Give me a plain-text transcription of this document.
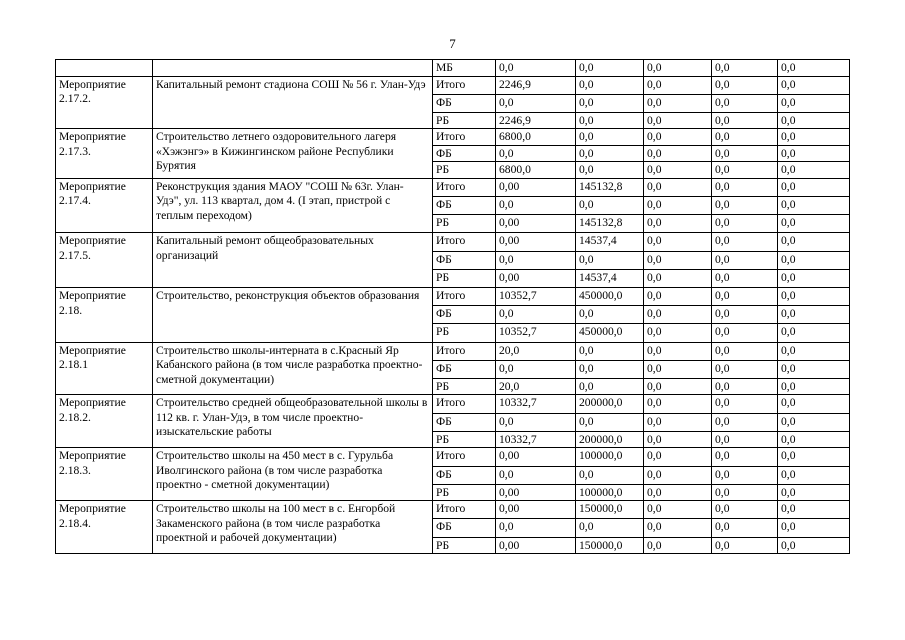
7
		МБ	0,0	0,0	0,0	0,0	0,0
Мероприятие 2.17.2.	Капитальный ремонт стадиона СОШ № 56 г. Улан-Удэ	Итого	2246,9	0,0	0,0	0,0	0,0
		ФБ	0,0	0,0	0,0	0,0	0,0
		РБ	2246,9	0,0	0,0	0,0	0,0
Мероприятие 2.17.3.	Строительство летнего оздоровительного лагеря «Хэжэнгэ» в Кижингинском районе Республики Бурятия	Итого	6800,0	0,0	0,0	0,0	0,0
		ФБ	0,0	0,0	0,0	0,0	0,0
		РБ	6800,0	0,0	0,0	0,0	0,0
Мероприятие 2.17.4.	Реконструкция здания МАОУ "СОШ № 63г. Улан-Удэ", ул. 113 квартал, дом 4. (I этап, пристрой с теплым переходом)	Итого	0,00	145132,8	0,0	0,0	0,0
		ФБ	0,0	0,0	0,0	0,0	0,0
		РБ	0,00	145132,8	0,0	0,0	0,0
Мероприятие 2.17.5.	Капитальный ремонт общеобразовательных организаций	Итого	0,00	14537,4	0,0	0,0	0,0
		ФБ	0,0	0,0	0,0	0,0	0,0
		РБ	0,00	14537,4	0,0	0,0	0,0
Мероприятие 2.18.	Строительство, реконструкция объектов образования	Итого	10352,7	450000,0	0,0	0,0	0,0
		ФБ	0,0	0,0	0,0	0,0	0,0
		РБ	10352,7	450000,0	0,0	0,0	0,0
Мероприятие 2.18.1	Строительство школы-интерната в с.Красный Яр Кабанского района (в том числе разработка проектно-сметной документации)	Итого	20,0	0,0	0,0	0,0	0,0
		ФБ	0,0	0,0	0,0	0,0	0,0
		РБ	20,0	0,0	0,0	0,0	0,0
Мероприятие 2.18.2.	Строительство средней общеобразовательной школы в 112 кв. г. Улан-Удэ, в том числе проектно-изыскательские работы	Итого	10332,7	200000,0	0,0	0,0	0,0
		ФБ	0,0	0,0	0,0	0,0	0,0
		РБ	10332,7	200000,0	0,0	0,0	0,0
Мероприятие 2.18.3.	Строительство школы на 450 мест в с. Гурульба Иволгинского района (в том числе разработка проектно - сметной документации)	Итого	0,00	100000,0	0,0	0,0	0,0
		ФБ	0,0	0,0	0,0	0,0	0,0
		РБ	0,00	100000,0	0,0	0,0	0,0
Мероприятие 2.18.4.	Строительство школы на 100 мест в с. Енгорбой Закаменского района (в том числе разработка проектной и рабочей документации)	Итого	0,00	150000,0	0,0	0,0	0,0
		ФБ	0,0	0,0	0,0	0,0	0,0
		РБ	0,00	150000,0	0,0	0,0	0,0
